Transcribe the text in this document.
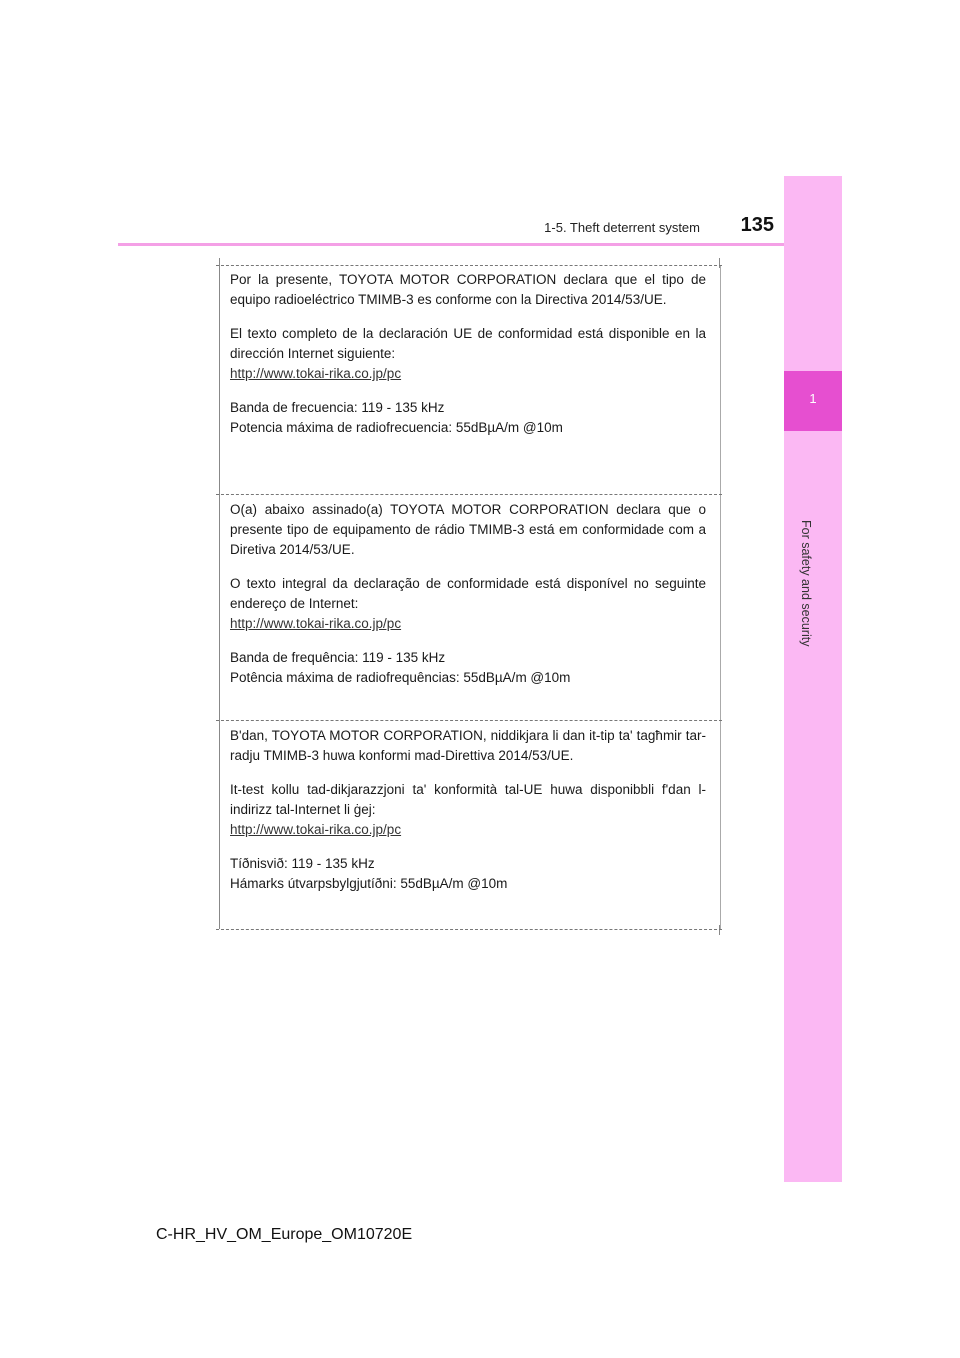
1-5. Theft deterrent system	135
1
For safety and security

Por la presente, TOYOTA MOTOR CORPORATION declara que el tipo de equipo radioeléctrico TMIMB-3 es conforme con la Directiva 2014/53/UE.

El texto completo de la declaración UE de conformidad está disponible en la dirección Internet siguiente:

http://www.tokai-rika.co.jp/pc

Banda de frecuencia: 119 - 135 kHz

Potencia máxima de radiofrecuencia: 55dBµA/m @10m

O(a) abaixo assinado(a) TOYOTA MOTOR CORPORATION declara que o presente tipo de equipamento de rádio TMIMB-3 está em conformidade com a Diretiva 2014/53/UE.

O texto integral da declaração de conformidade está disponível no seguinte endereço de Internet:

http://www.tokai-rika.co.jp/pc

Banda de frequência: 119 - 135 kHz

Potência máxima de radiofrequências: 55dBµA/m @10m

B'dan, TOYOTA MOTOR CORPORATION, niddikjara li dan it-tip ta' tagħmir tar-radju TMIMB-3 huwa konformi mad-Direttiva 2014/53/UE.

It-test kollu tad-dikjarazzjoni ta' konformità tal-UE huwa disponibbli f'dan l-indirizz tal-Internet li ġej:

http://www.tokai-rika.co.jp/pc

Tíðnisvið: 119 - 135 kHz

Hámarks útvarpsbylgjutíðni: 55dBµA/m @10m

C-HR_HV_OM_Europe_OM10720E
